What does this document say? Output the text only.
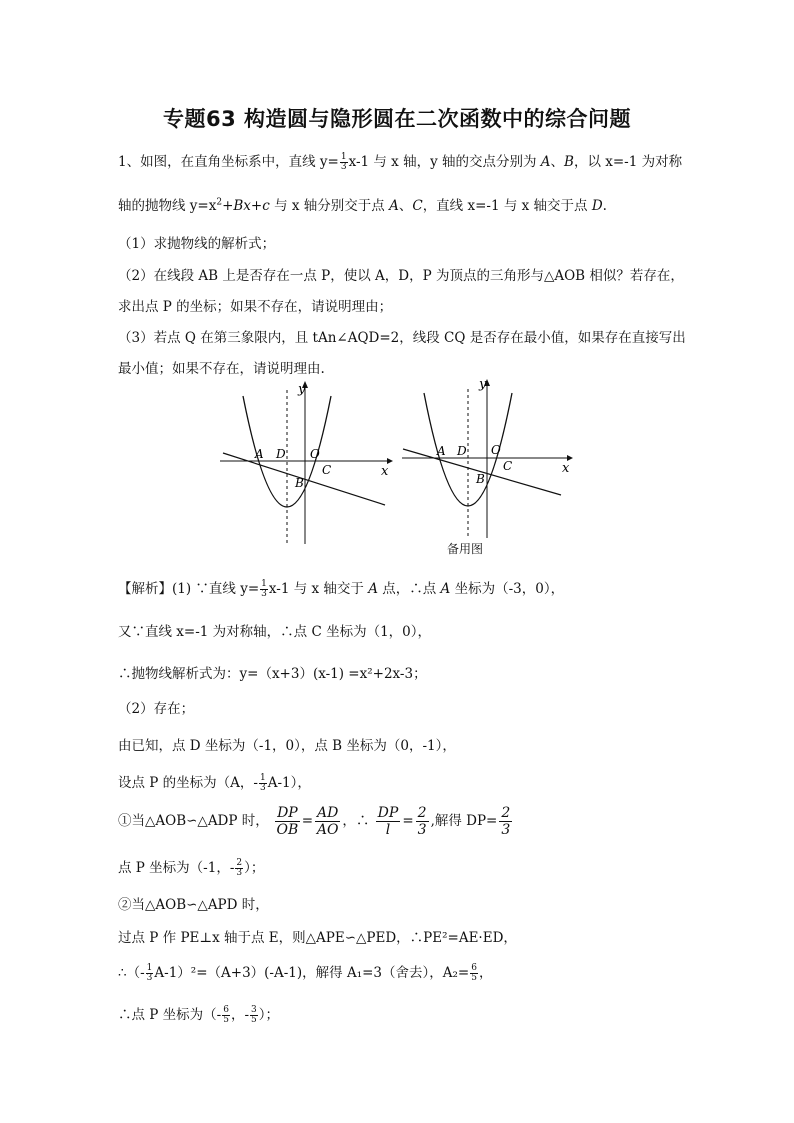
专题63 构造圆与隐形圆在二次函数中的综合问题
1、如图，在直角坐标系中，直线 $y= \frac{1}{3} x-1$ 与 x 轴，y 轴的交点分别为 A、B，以 x=-1 为对称
轴的抛物线 $y=x^2+Bx+c$ 与 x 轴分别交于点 A、C，直线 x=-1 与 x 轴交于点 D.
（1）求抛物线的解析式；
（2）在线段 AB 上是否存在一点 P，使以 A，D，P 为顶点的三角形与△AOB 相似？若存在，
求出点 P 的坐标；如果不存在，请说明理由；
（3）若点 Q 在第三象限内，且 tAn∠AQD=2，线段 CQ 是否存在最小值，如果存在直接写出
最小值；如果不存在，请说明理由.
y
x
A D O
C
B
y
x
A D O
C
B
备用图
【解析】(1) ∵直线 $y= \frac{1}{3} x-1$ 与 x 轴交于 A 点，∴点 A 坐标为（-3，0），
又∵直线 x=-1 为对称轴，∴点 C 坐标为（1，0），
∴抛物线解析式为：y=（x+3）(x-1) =x²+2x-3；
（2）存在；
由已知，点 D 坐标为（-1，0），点 B 坐标为（0，-1），
设点 P 的坐标为（A，- $\frac{1}{3} A-1$），
①当△AOB∽△ADP 时， $\frac{DP}{OB} = \frac{AD}{AO}$ ，∴ $\frac{DP}{l} = \frac{2}{3}$ ,解得 $DP= \frac{2}{3}$
点 P 坐标为（-1，- $\frac{2}{3}$ ）；
②当△AOB∽△APD 时，
过点 P 作 PE⊥x 轴于点 E，则△APE∽△PED，∴PE²=AE·ED，
∴（- $\frac{1}{3} A-1)^2=(A+3)(-A-1)$，解得 A₁=3（舍去），$A_2= \frac{6}{5}$ ，
∴点 P 坐标为（- $\frac{6}{5}$ ，- $\frac{3}{5}$ ）；
